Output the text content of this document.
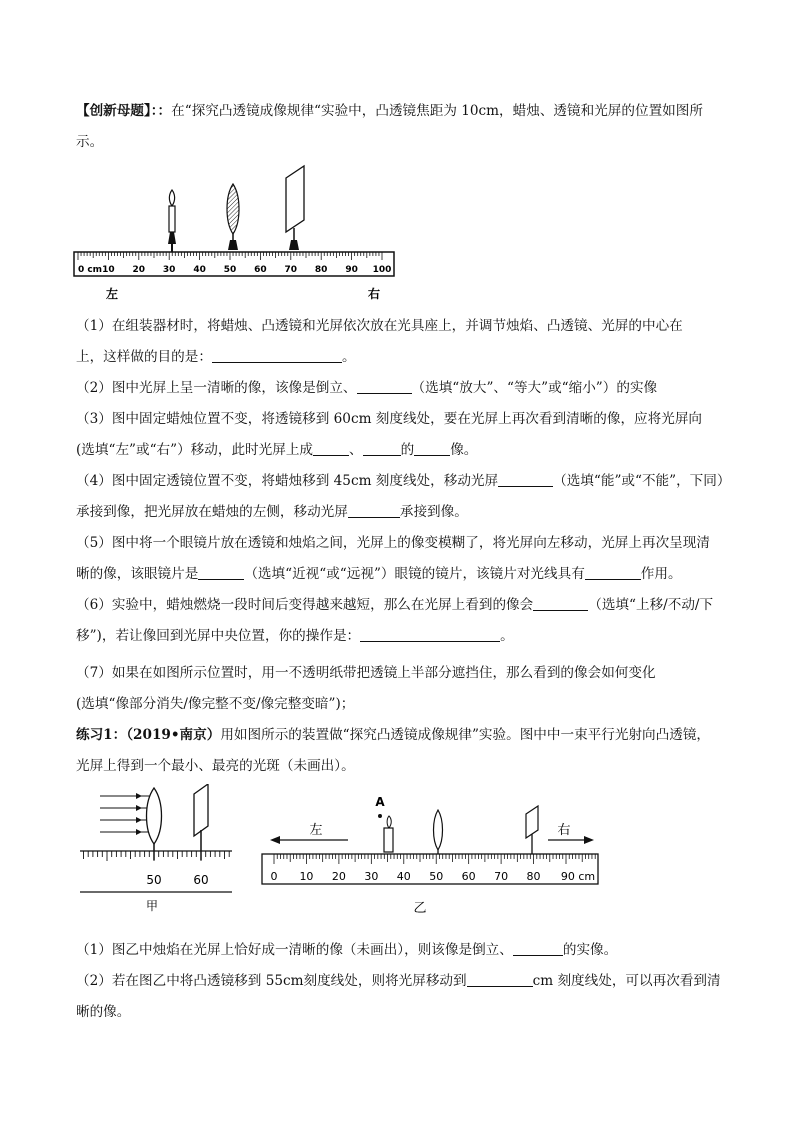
【创新母题】：：在“探究凸透镜成像规律“实验中，凸透镜焦距为 10cm，蜡烛、透镜和光屏的位置如图所
示。
0 cm 10 20 30 40 50 60 70 80 90 100
左	右
（1）在组装器材时，将蜡烛、凸透镜和光屏依次放在光具座上，并调节烛焰、凸透镜、光屏的中心在
上，这样做的目的是：	。
（2）图中光屏上呈一清晰的像，该像是倒立、	（选填“放大”、“等大”或“缩小”）的实像
（3）图中固定蜡烛位置不变，将透镜移到 60cm 刻度线处，要在光屏上再次看到清晰的像，应将光屏向
(选填“左”或“右”）移动，此时光屏上成	、	的	像。
（4）图中固定透镜位置不变，将蜡烛移到 45cm 刻度线处，移动光屏	（选填“能”或“不能”，下同）
承接到像，把光屏放在蜡烛的左侧，移动光屏	承接到像。
（5）图中将一个眼镜片放在透镜和烛焰之间，光屏上的像变模糊了，将光屏向左移动，光屏上再次呈现清
晰的像，该眼镜片是	（选填“近视“或“远视”）眼镜的镜片，该镜片对光线具有	作用。
（6）实验中，蜡烛燃烧一段时间后变得越来越短，那么在光屏上看到的像会	（选填“上移/不动/下
移”)，若让像回到光屏中央位置，你的操作是：	。
（7）如果在如图所示位置时，用一不透明纸带把透镜上半部分遮挡住，那么看到的像会如何变化
(选填“像部分消失/像完整不变/像完整变暗”)；
练习1：（2019•南京）用如图所示的装置做“探究凸透镜成像规律”实验。图中中一束平行光射向凸透镜，
光屏上得到一个最小、最亮的光斑（未画出）。
50	60
甲
A
左	右
0 10 20 30 40 50 60 70 80 90 cm
乙
（1）图乙中烛焰在光屏上恰好成一清晰的像（未画出），则该像是倒立、	的实像。
（2）若在图乙中将凸透镜移到 55cm刻度线处，则将光屏移动到	cm 刻度线处，可以再次看到清
晰的像。
